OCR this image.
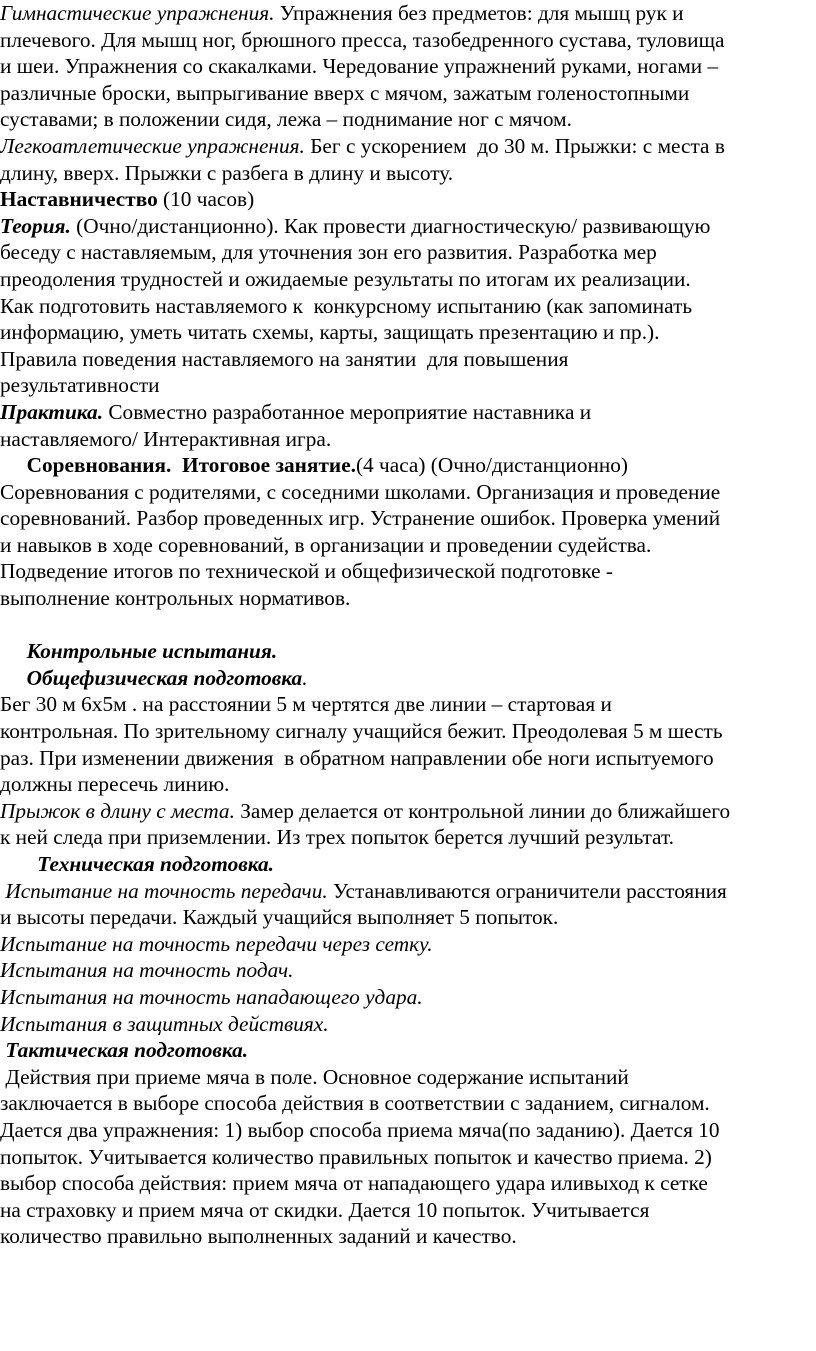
Гимнастические упражнения. Упражнения без предметов: для мышц рук и
плечевого. Для мышц ног, брюшного пресса, тазобедренного сустава, туловища
и шеи. Упражнения со скакалками. Чередование упражнений руками, ногами –
различные броски, выпрыгивание вверх с мячом, зажатым голеностопными
суставами; в положении сидя, лежа – поднимание ног с мячом.
Легкоатлетические упражнения. Бег с ускорением  до 30 м. Прыжки: с места в
длину, вверх. Прыжки с разбега в длину и высоту.
Наставничество (10 часов)
Теория. (Очно/дистанционно). Как провести диагностическую/ развивающую
беседу с наставляемым, для уточнения зон его развития. Разработка мер
преодоления трудностей и ожидаемые результаты по итогам их реализации.
Как подготовить наставляемого к  конкурсному испытанию (как запоминать
информацию, уметь читать схемы, карты, защищать презентацию и пр.).
Правила поведения наставляемого на занятии  для повышения
результативности
Практика. Совместно разработанное мероприятие наставника и
наставляемого/ Интерактивная игра.
Соревнования.  Итоговое занятие.(4 часа) (Очно/дистанционно)
Соревнования с родителями, с соседними школами. Организация и проведение
соревнований. Разбор проведенных игр. Устранение ошибок. Проверка умений
и навыков в ходе соревнований, в организации и проведении судейства.
Подведение итогов по технической и общефизической подготовке -
выполнение контрольных нормативов.
Контрольные испытания.
Общефизическая подготовка.
Бег 30 м 6х5м . на расстоянии 5 м чертятся две линии – стартовая и
контрольная. По зрительному сигналу учащийся бежит. Преодолевая 5 м шесть
раз. При изменении движения  в обратном направлении обе ноги испытуемого
должны пересечь линию.
Прыжок в длину с места. Замер делается от контрольной линии до ближайшего
к ней следа при приземлении. Из трех попыток берется лучший результат.
Техническая подготовка.
Испытание на точность передачи. Устанавливаются ограничители расстояния
и высоты передачи. Каждый учащийся выполняет 5 попыток.
Испытание на точность передачи через сетку.
Испытания на точность подач.
Испытания на точность нападающего удара.
Испытания в защитных действиях.
Тактическая подготовка.
Действия при приеме мяча в поле. Основное содержание испытаний
заключается в выборе способа действия в соответствии с заданием, сигналом.
Дается два упражнения: 1) выбор способа приема мяча(по заданию). Дается 10
попыток. Учитывается количество правильных попыток и качество приема. 2)
выбор способа действия: прием мяча от нападающего удара иливыход к сетке
на страховку и прием мяча от скидки. Дается 10 попыток. Учитывается
количество правильно выполненных заданий и качество.
